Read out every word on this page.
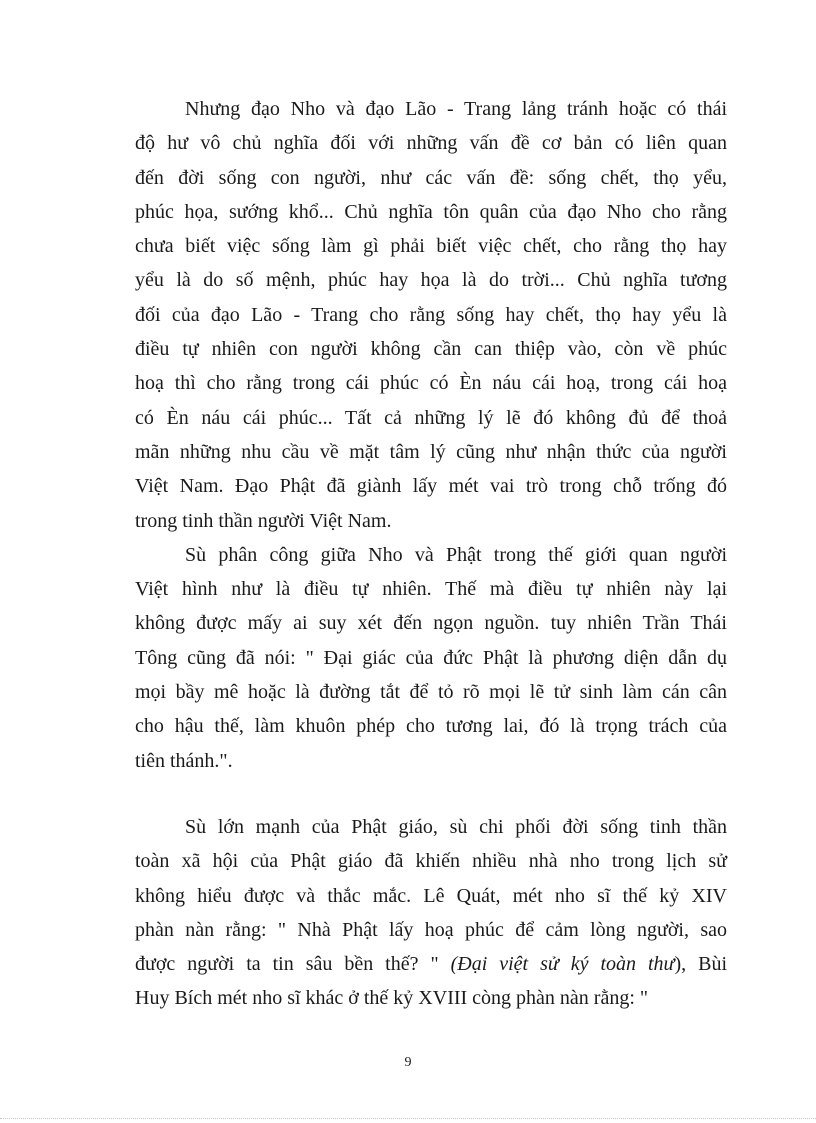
Nhưng đạo Nho và đạo Lão - Trang lảng tránh hoặc có thái
độ hư vô chủ nghĩa đối với những vấn đề cơ bản có liên quan
đến đời sống con người, như các vấn đề: sống chết, thọ yểu,
phúc họa, sướng khổ... Chủ nghĩa tôn quân của đạo Nho cho rằng
chưa biết việc sống làm gì phải biết việc chết, cho rằng thọ hay
yểu là do số mệnh, phúc hay họa là do trời... Chủ nghĩa tương
đối của đạo Lão - Trang cho rằng sống hay chết, thọ hay yểu là
điều tự nhiên con người không cần can thiệp vào, còn về phúc
hoạ thì cho rằng trong cái phúc có Èn náu cái hoạ, trong cái hoạ
có Èn náu cái phúc... Tất cả những lý lẽ đó không đủ để thoả
mãn những nhu cầu về mặt tâm lý cũng như nhận thức của người
Việt Nam. Đạo Phật đã giành lấy mét vai trò trong chỗ trống đó
trong tinh thần người Việt Nam.
Sù phân công giữa Nho và Phật trong thế giới quan người
Việt hình như là điều tự nhiên. Thế mà điều tự nhiên này lại
không được mấy ai suy xét đến ngọn nguồn. tuy nhiên Trần Thái
Tông cũng đã nói: " Đại giác của đức Phật là phương diện dẫn dụ
mọi bầy mê hoặc là đường tắt để tỏ rõ mọi lẽ tử sinh làm cán cân
cho hậu thế, làm khuôn phép cho tương lai, đó là trọng trách của
tiên thánh.".
Sù lớn mạnh của Phật giáo, sù chi phối đời sống tinh thần
toàn xã hội của Phật giáo đã khiến nhiều nhà nho trong lịch sử
không hiểu được và thắc mắc. Lê Quát, mét nho sĩ thế kỷ XIV
phàn nàn rằng: " Nhà Phật lấy hoạ phúc để cảm lòng người, sao
được người ta tin sâu bền thế? " (Đại việt sử ký toàn thư), Bùi
Huy Bích mét nho sĩ khác ở thế kỷ XVIII còng phàn nàn rằng: "
9
